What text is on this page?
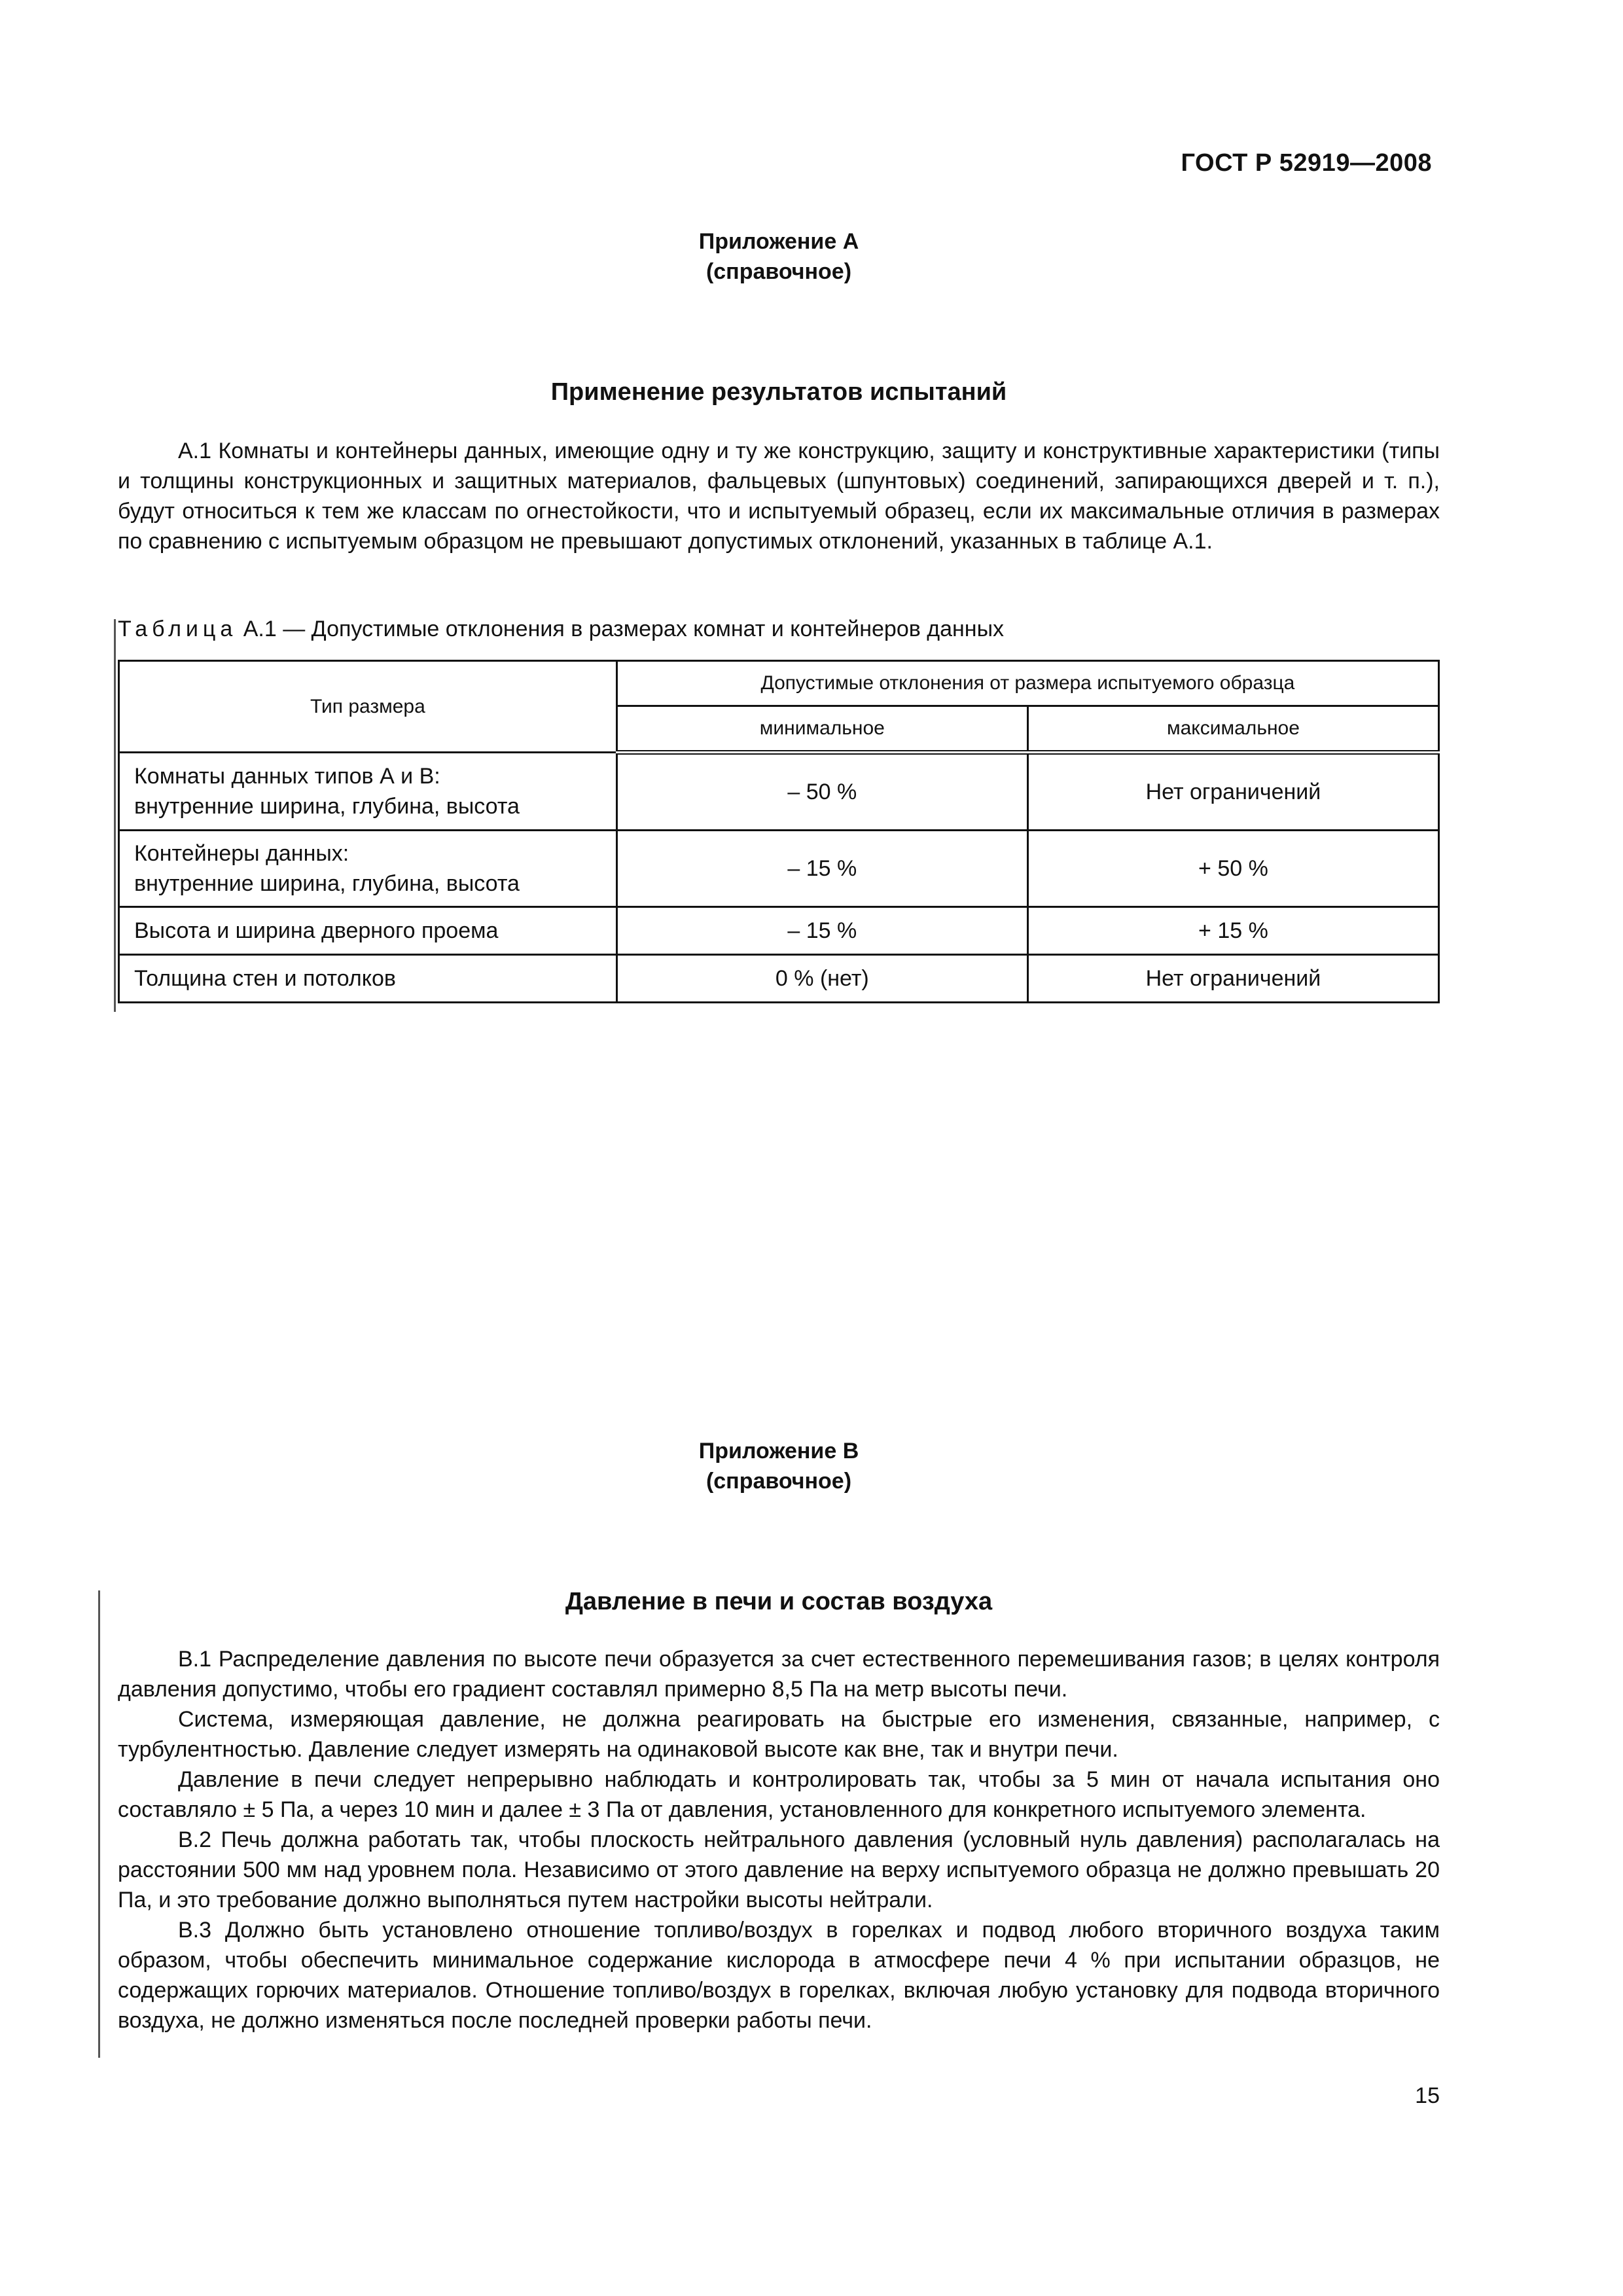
ГОСТ Р 52919—2008
Приложение А
(справочное)
Применение результатов испытаний

А.1 Комнаты и контейнеры данных, имеющие одну и ту же конструкцию, защиту и конструктивные характеристики (типы и толщины конструкционных и защитных материалов, фальцевых (шпунтовых) соединений, запирающихся дверей и т. п.), будут относиться к тем же классам по огнестойкости, что и испытуемый образец, если их максимальные отличия в размерах по сравнению с испытуемым образцом не превышают допустимых отклонений, указанных в таблице А.1.

Таблица А.1 — Допустимые отклонения в размерах комнат и контейнеров данных
Тип размера	Допустимые отклонения от размера испытуемого образца	
	минимальное	максимальное

Комнаты данных типов А и В:
внутренние ширина, глубина, высота	– 50 %	Нет ограничений

Контейнеры данных:
внутренние ширина, глубина, высота	– 15 %	+ 50 %
Высота и ширина дверного проема	– 15 %	+ 15 %
Толщина стен и потолков	0 % (нет)	Нет ограничений
Приложение В
(справочное)
Давление в печи и состав воздуха

В.1 Распределение давления по высоте печи образуется за счет естественного перемешивания газов; в целях контроля давления допустимо, чтобы его градиент составлял примерно 8,5 Па на метр высоты печи.

Система, измеряющая давление, не должна реагировать на быстрые его изменения, связанные, например, с турбулентностью. Давление следует измерять на одинаковой высоте как вне, так и внутри печи.

Давление в печи следует непрерывно наблюдать и контролировать так, чтобы за 5 мин от начала испытания оно составляло ± 5 Па, а через 10 мин и далее ± 3 Па от давления, установленного для конкретного испытуемого элемента.

В.2 Печь должна работать так, чтобы плоскость нейтрального давления (условный нуль давления) располагалась на расстоянии 500 мм над уровнем пола. Независимо от этого давление на верху испытуемого образца не должно превышать 20 Па, и это требование должно выполняться путем настройки высоты нейтрали.

В.3 Должно быть установлено отношение топливо/воздух в горелках и подвод любого вторичного воздуха таким образом, чтобы обеспечить минимальное содержание кислорода в атмосфере печи 4 % при испытании образцов, не содержащих горючих материалов. Отношение топливо/воздух в горелках, включая любую установку для подвода вторичного воздуха, не должно изменяться после последней проверки работы печи.

15
